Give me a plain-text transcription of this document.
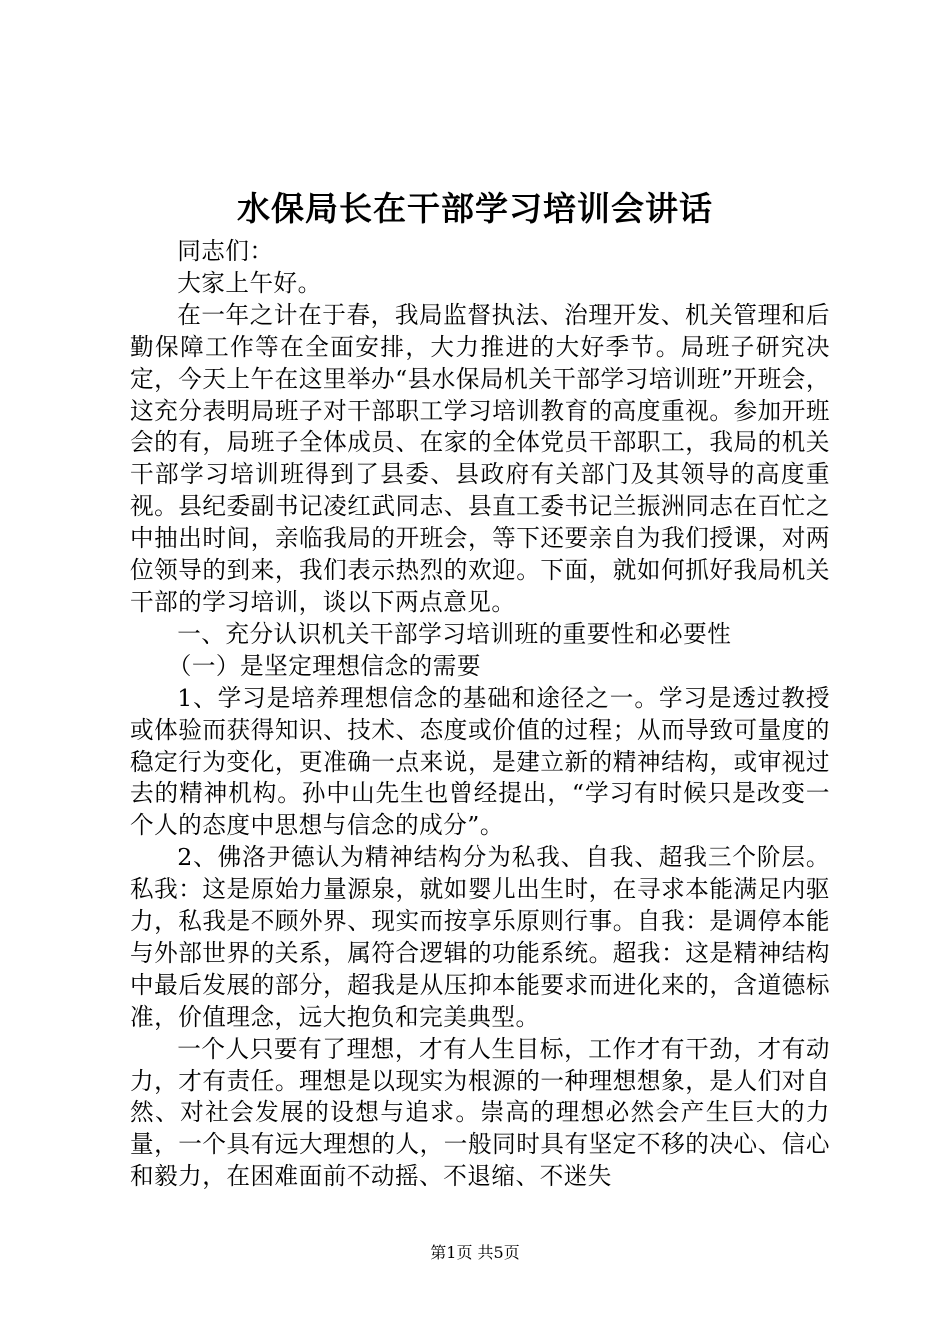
水保局长在干部学习培训会讲话

同志们：

大家上午好。

在一年之计在于春，我局监督执法、治理开发、机关管理和后勤保障工作等在全面安排，大力推进的大好季节。局班子研究决定，今天上午在这里举办“县水保局机关干部学习培训班”开班会，这充分表明局班子对干部职工学习培训教育的高度重视。参加开班会的有，局班子全体成员、在家的全体党员干部职工，我局的机关干部学习培训班得到了县委、县政府有关部门及其领导的高度重视。县纪委副书记凌红武同志、县直工委书记兰振洲同志在百忙之中抽出时间，亲临我局的开班会，等下还要亲自为我们授课，对两位领导的到来，我们表示热烈的欢迎。下面，就如何抓好我局机关干部的学习培训，谈以下两点意见。

一、充分认识机关干部学习培训班的重要性和必要性

（一）是坚定理想信念的需要

1、学习是培养理想信念的基础和途径之一。学习是透过教授或体验而获得知识、技术、态度或价值的过程；从而导致可量度的稳定行为变化，更准确一点来说，是建立新的精神结构，或审视过去的精神机构。孙中山先生也曾经提出，“学习有时候只是改变一个人的态度中思想与信念的成分”。

2、佛洛尹德认为精神结构分为私我、自我、超我三个阶层。私我：这是原始力量源泉，就如婴儿出生时，在寻求本能满足内驱力，私我是不顾外界、现实而按享乐原则行事。自我：是调停本能与外部世界的关系，属符合逻辑的功能系统。超我：这是精神结构中最后发展的部分，超我是从压抑本能要求而进化来的，含道德标准，价值理念，远大抱负和完美典型。

一个人只要有了理想，才有人生目标，工作才有干劲，才有动力，才有责任。理想是以现实为根源的一种理想想象，是人们对自然、对社会发展的设想与追求。崇高的理想必然会产生巨大的力量，一个具有远大理想的人，一般同时具有坚定不移的决心、信心和毅力，在困难面前不动摇、不退缩、不迷失

第1页 共5页
